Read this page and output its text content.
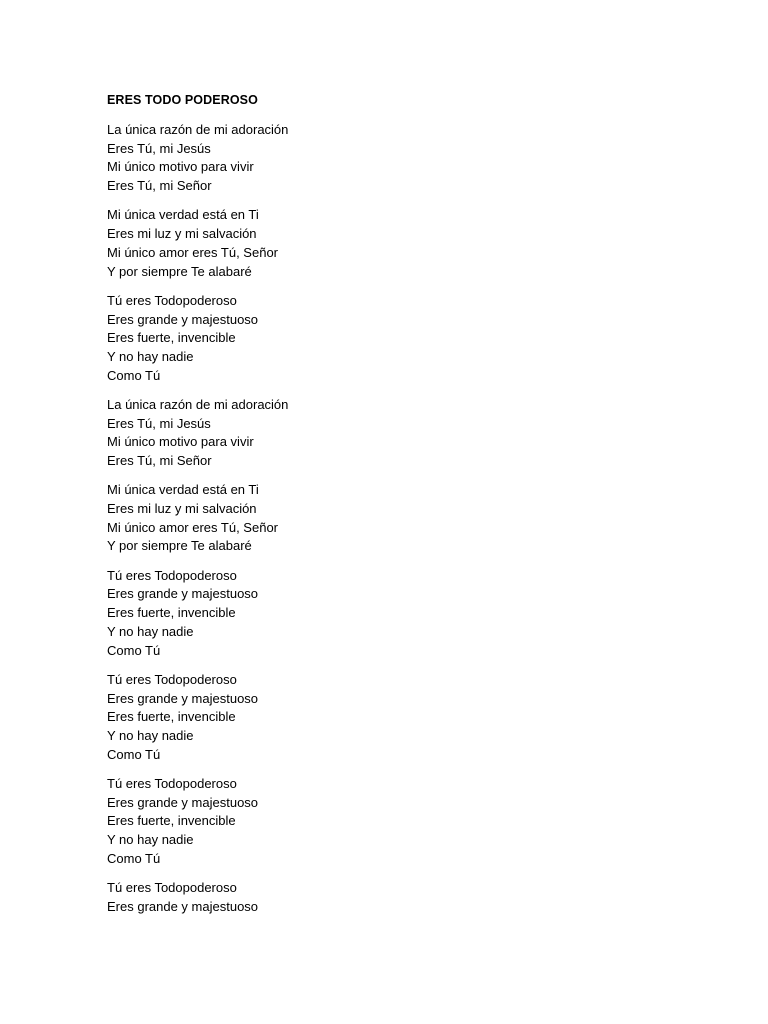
ERES TODO PODEROSO
La única razón de mi adoración
Eres Tú, mi Jesús
Mi único motivo para vivir
Eres Tú, mi Señor
Mi única verdad está en Ti
Eres mi luz y mi salvación
Mi único amor eres Tú, Señor
Y por siempre Te alabaré
Tú eres Todopoderoso
Eres grande y majestuoso
Eres fuerte, invencible
Y no hay nadie
Como Tú
La única razón de mi adoración
Eres Tú, mi Jesús
Mi único motivo para vivir
Eres Tú, mi Señor
Mi única verdad está en Ti
Eres mi luz y mi salvación
Mi único amor eres Tú, Señor
Y por siempre Te alabaré
Tú eres Todopoderoso
Eres grande y majestuoso
Eres fuerte, invencible
Y no hay nadie
Como Tú
Tú eres Todopoderoso
Eres grande y majestuoso
Eres fuerte, invencible
Y no hay nadie
Como Tú
Tú eres Todopoderoso
Eres grande y majestuoso
Eres fuerte, invencible
Y no hay nadie
Como Tú
Tú eres Todopoderoso
Eres grande y majestuoso
